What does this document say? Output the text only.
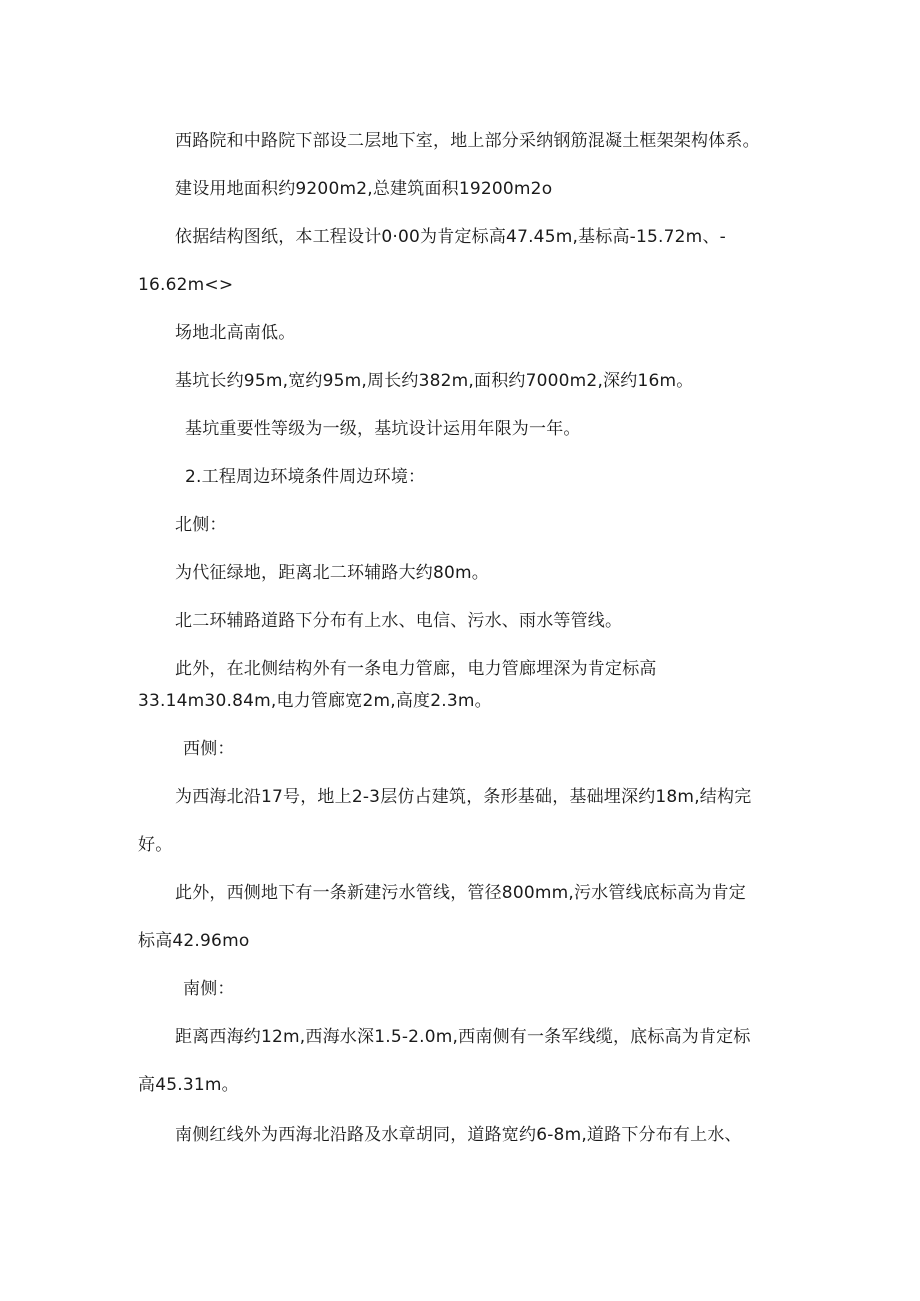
西路院和中路院下部设二层地下室，地上部分采纳钢筋混凝土框架架构体系。
建设用地面积约9200m2,总建筑面积19200m2o
依据结构图纸，本工程设计0·00为肯定标高47.45m,基标高-15.72m、-
16.62m<>
场地北高南低。
基坑长约95m,宽约95m,周长约382m,面积约7000m2,深约16m。
基坑重要性等级为一级，基坑设计运用年限为一年。
2.工程周边环境条件周边环境：
北侧：
为代征绿地，距离北二环辅路大约80m。
北二环辅路道路下分布有上水、电信、污水、雨水等管线。
此外，在北侧结构外有一条电力管廊，电力管廊埋深为肯定标高
33.14m30.84m,电力管廊宽2m,高度2.3m。
西侧：
为西海北沿17号，地上2-3层仿占建筑，条形基础，基础埋深约18m,结构完
好。
此外，西侧地下有一条新建污水管线，管径800mm,污水管线底标高为肯定
标高42.96mo
南侧：
距离西海约12m,西海水深1.5-2.0m,西南侧有一条军线缆，底标高为肯定标
高45.31m。
南侧红线外为西海北沿路及水章胡同，道路宽约6-8m,道路下分布有上水、
